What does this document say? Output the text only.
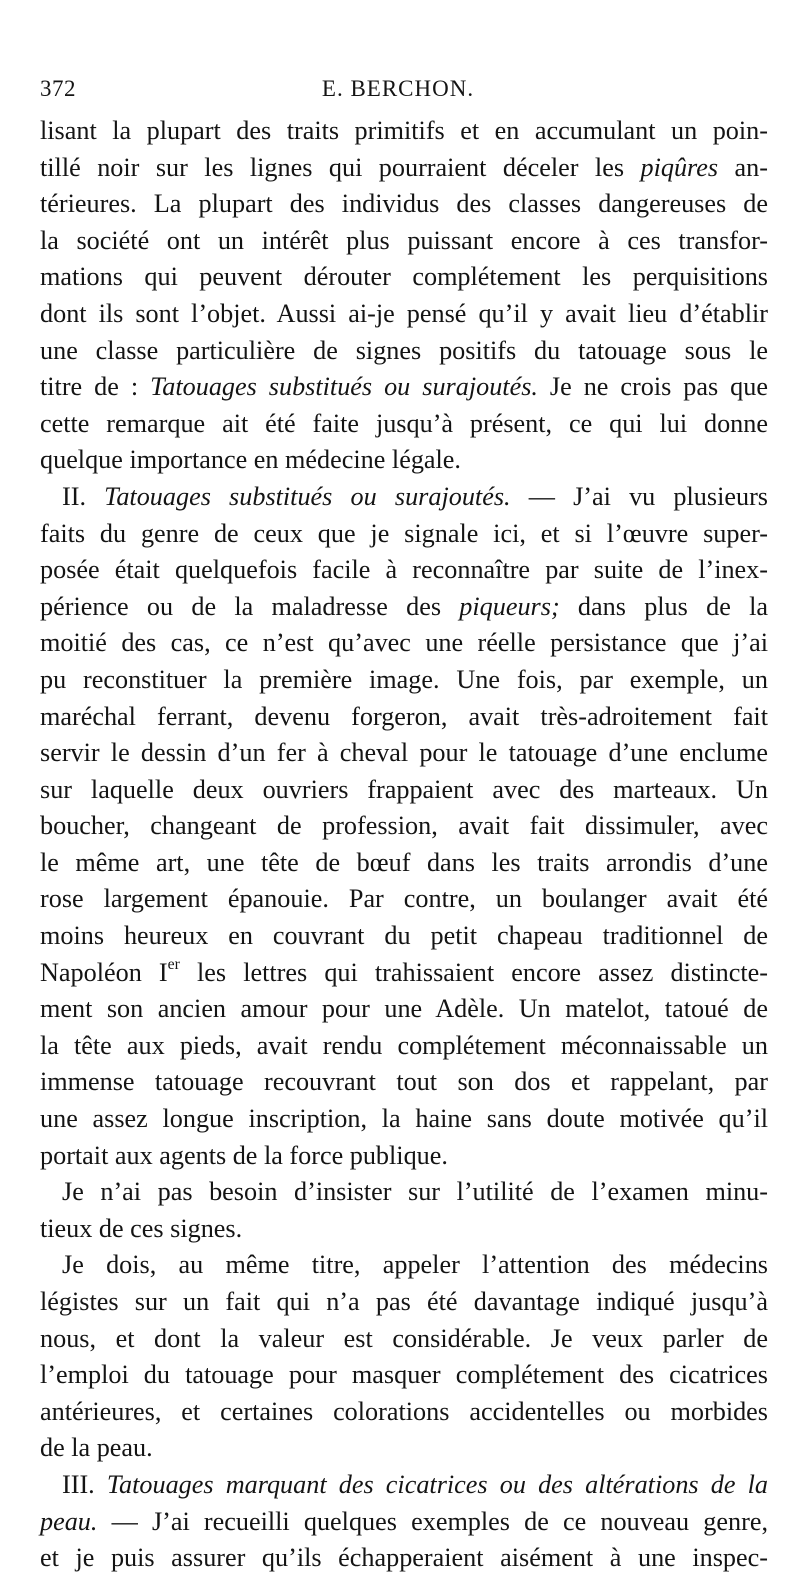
372	E. BERCHON.
lisant la plupart des traits primitifs et en accumulant un poin-
tillé noir sur les lignes qui pourraient déceler les piqûres an-
térieures. La plupart des individus des classes dangereuses de
la société ont un intérêt plus puissant encore à ces transfor-
mations qui peuvent dérouter complétement les perquisitions
dont ils sont l’objet. Aussi ai-je pensé qu’il y avait lieu d’établir
une classe particulière de signes positifs du tatouage sous le
titre de : Tatouages substitués ou surajoutés. Je ne crois pas que
cette remarque ait été faite jusqu’à présent, ce qui lui donne
quelque importance en médecine légale.
II. Tatouages substitués ou surajoutés. — J’ai vu plusieurs
faits du genre de ceux que je signale ici, et si l’œuvre super-
posée était quelquefois facile à reconnaître par suite de l’inex-
périence ou de la maladresse des piqueurs; dans plus de la
moitié des cas, ce n’est qu’avec une réelle persistance que j’ai
pu reconstituer la première image. Une fois, par exemple, un
maréchal ferrant, devenu forgeron, avait très-adroitement fait
servir le dessin d’un fer à cheval pour le tatouage d’une enclume
sur laquelle deux ouvriers frappaient avec des marteaux. Un
boucher, changeant de profession, avait fait dissimuler, avec
le même art, une tête de bœuf dans les traits arrondis d’une
rose largement épanouie. Par contre, un boulanger avait été
moins heureux en couvrant du petit chapeau traditionnel de
Napoléon Ier les lettres qui trahissaient encore assez distincte-
ment son ancien amour pour une Adèle. Un matelot, tatoué de
la tête aux pieds, avait rendu complétement méconnaissable un
immense tatouage recouvrant tout son dos et rappelant, par
une assez longue inscription, la haine sans doute motivée qu’il
portait aux agents de la force publique.
Je n’ai pas besoin d’insister sur l’utilité de l’examen minu-
tieux de ces signes.
Je dois, au même titre, appeler l’attention des médecins
légistes sur un fait qui n’a pas été davantage indiqué jusqu’à
nous, et dont la valeur est considérable. Je veux parler de
l’emploi du tatouage pour masquer complétement des cicatrices
antérieures, et certaines colorations accidentelles ou morbides
de la peau.
III. Tatouages marquant des cicatrices ou des altérations de la
peau. — J’ai recueilli quelques exemples de ce nouveau genre,
et je puis assurer qu’ils échapperaient aisément à une inspec-
